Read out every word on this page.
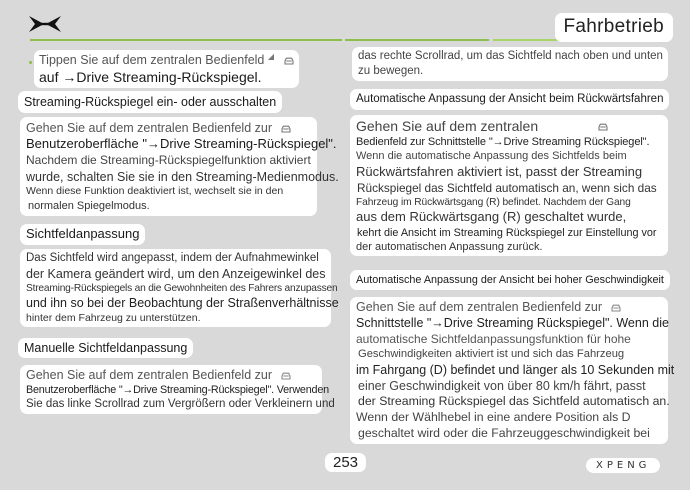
Fahrbetrieb
Tippen Sie auf dem zentralen Bedienfeld ◢
auf →Drive Streaming-Rückspiegel.
Streaming-Rückspiegel ein- oder ausschalten
Gehen Sie auf dem zentralen Bedienfeld zur
Benutzeroberfläche "→Drive Streaming-Rückspiegel".
Nachdem die Streaming-Rückspiegelfunktion aktiviert
wurde, schalten Sie sie in den Streaming-Medienmodus.
Wenn diese Funktion deaktiviert ist, wechselt sie in den
normalen Spiegelmodus.
Sichtfeldanpassung
Das Sichtfeld wird angepasst, indem der Aufnahmewinkel
der Kamera geändert wird, um den Anzeigewinkel des
Streaming-Rückspiegels an die Gewohnheiten des Fahrers anzupassen
und ihn so bei der Beobachtung der Straßenverhältnisse
hinter dem Fahrzeug zu unterstützen.
Manuelle Sichtfeldanpassung
Gehen Sie auf dem zentralen Bedienfeld zur
Benutzeroberfläche "→Drive Streaming-Rückspiegel". Verwenden
Sie das linke Scrollrad zum Vergrößern oder Verkleinern und
das rechte Scrollrad, um das Sichtfeld nach oben und unten
zu bewegen.
Automatische Anpassung der Ansicht beim Rückwärtsfahren
Gehen Sie auf dem zentralen
Bedienfeld zur Schnittstelle "→Drive Streaming Rückspiegel".
Wenn die automatische Anpassung des Sichtfelds beim
Rückwärtsfahren aktiviert ist, passt der Streaming
Rückspiegel das Sichtfeld automatisch an, wenn sich das
Fahrzeug im Rückwärtsgang (R) befindet. Nachdem der Gang
aus dem Rückwärtsgang (R) geschaltet wurde,
kehrt die Ansicht im Streaming Rückspiegel zur Einstellung vor
der automatischen Anpassung zurück.
Automatische Anpassung der Ansicht bei hoher Geschwindigkeit
Gehen Sie auf dem zentralen Bedienfeld zur
Schnittstelle "→Drive Streaming Rückspiegel". Wenn die
automatische Sichtfeldanpassungsfunktion für hohe
Geschwindigkeiten aktiviert ist und sich das Fahrzeug
im Fahrgang (D) befindet und länger als 10 Sekunden mit
einer Geschwindigkeit von über 80 km/h fährt, passt
der Streaming Rückspiegel das Sichtfeld automatisch an.
Wenn der Wählhebel in eine andere Position als D
geschaltet wird oder die Fahrzeuggeschwindigkeit bei
253	XPENG
